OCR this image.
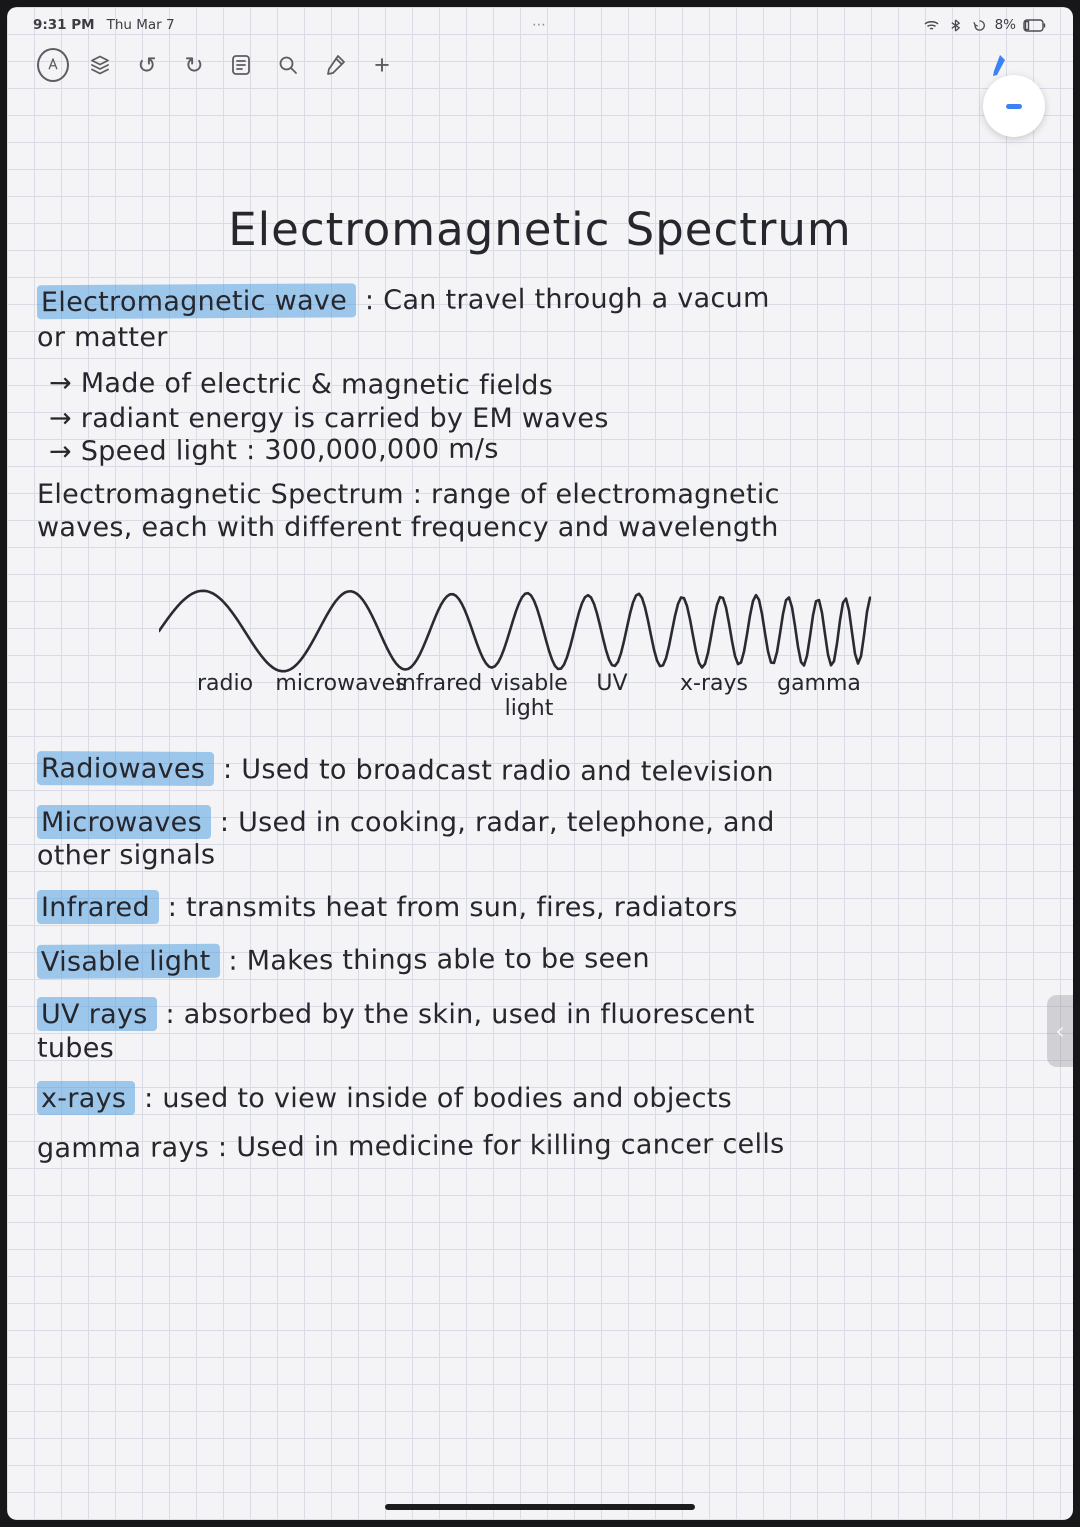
9:31 PM Thu Mar 7	⋯	8%
↺ ↻	+
Electromagnetic Spectrum
Electromagnetic wave : Can travel through a vacum
or matter
→ Made of electric & magnetic fields
→ radiant energy is carried by EM waves
→ Speed light : 300,000,000 m/s
Electromagnetic Spectrum : range of electromagnetic
waves, each with different frequency and wavelength
radio microwaves
infrared visable light
UV x-rays gamma
Radiowaves : Used to broadcast radio and television
Microwaves : Used in cooking, radar, telephone, and
other signals
Infrared : transmits heat from sun, fires, radiators
Visable light : Makes things able to be seen
UV rays : absorbed by the skin, used in fluorescent
tubes
x-rays : used to view inside of bodies and objects
gamma rays : Used in medicine for killing cancer cells
‹
